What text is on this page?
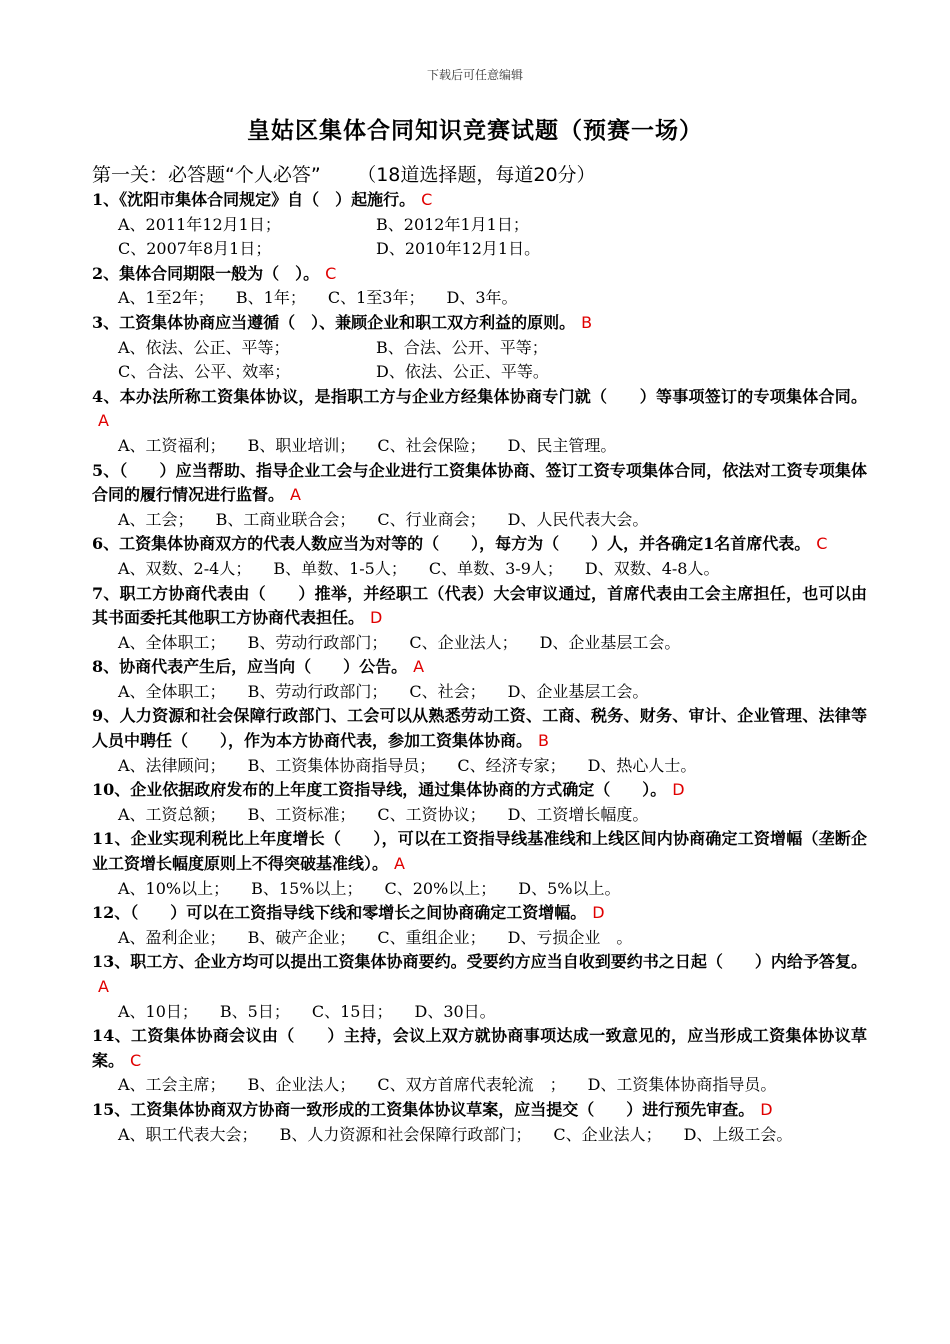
下载后可任意编辑
皇姑区集体合同知识竞赛试题（预赛一场）
第一关：必答题“个人必答” （18道选择题，每道20分）
1、《沈阳市集体合同规定》自（　）起施行。 C
A、2011年12月1日；	B、2012年1月1日；
C、2007年8月1日；	D、2010年12月1日。
2、集体合同期限一般为（　）。 C
A、1至2年； B、1年； C、1至3年； D、3年。
3、工资集体协商应当遵循（　）、兼顾企业和职工双方利益的原则。 B
A、依法、公正、平等；	B、合法、公开、平等；
C、合法、公平、效率；	D、依法、公正、平等。
4、本办法所称工资集体协议，是指职工方与企业方经集体协商专门就（　　）等事项签订的专项集体合同。A
A、工资福利； B、职业培训； C、社会保险； D、民主管理。
5、（　　）应当帮助、指导企业工会与企业进行工资集体协商、签订工资专项集体合同，依法对工资专项集体合同的履行情况进行监督。 A
A、工会； B、工商业联合会； C、行业商会； D、人民代表大会。
6、工资集体协商双方的代表人数应当为对等的（　　），每方为（　　）人，并各确定1名首席代表。 C
A、双数、2-4人； B、单数、1-5人； C、单数、3-9人； D、双数、4-8人。
7、职工方协商代表由（　　）推举，并经职工（代表）大会审议通过，首席代表由工会主席担任，也可以由其书面委托其他职工方协商代表担任。 D
A、全体职工； B、劳动行政部门； C、企业法人； D、企业基层工会。
8、协商代表产生后，应当向（　　）公告。 A
A、全体职工； B、劳动行政部门； C、社会； D、企业基层工会。
9、人力资源和社会保障行政部门、工会可以从熟悉劳动工资、工商、税务、财务、审计、企业管理、法律等人员中聘任（　　），作为本方协商代表，参加工资集体协商。 B
A、法律顾问； B、工资集体协商指导员； C、经济专家； D、热心人士。
10、企业依据政府发布的上年度工资指导线，通过集体协商的方式确定（　　）。 D
A、工资总额； B、工资标准； C、工资协议； D、工资增长幅度。
11、企业实现利税比上年度增长（　　），可以在工资指导线基准线和上线区间内协商确定工资增幅（垄断企业工资增长幅度原则上不得突破基准线）。 A
A、10%以上； B、15%以上； C、20%以上； D、5%以上。
12、（　　）可以在工资指导线下线和零增长之间协商确定工资增幅。 D
A、盈利企业； B、破产企业； C、重组企业； D、亏损企业　。
13、职工方、企业方均可以提出工资集体协商要约。受要约方应当自收到要约书之日起（　　）内给予答复。A
A、10日； B、5日； C、15日； D、30日。
14、工资集体协商会议由（　　）主持，会议上双方就协商事项达成一致意见的，应当形成工资集体协议草案。 C
A、工会主席； B、企业法人； C、双方首席代表轮流　； D、工资集体协商指导员。
15、工资集体协商双方协商一致形成的工资集体协议草案，应当提交（　　）进行预先审查。 D
A、职工代表大会； B、人力资源和社会保障行政部门； C、企业法人； D、上级工会。
